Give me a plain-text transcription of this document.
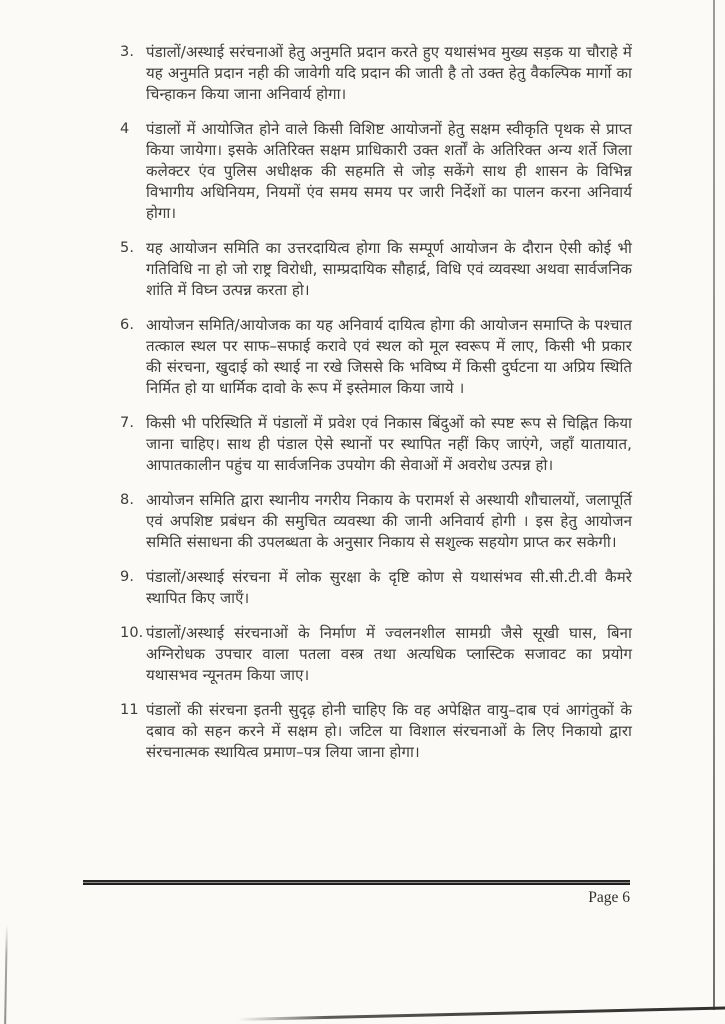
3. पंडालों/अस्थाई सरंचनाओं हेतु अनुमति प्रदान करते हुए यथासंभव मुख्य सड़क या चौराहे में यह अनुमति प्रदान नही की जावेगी यदि प्रदान की जाती है तो उक्त हेतु वैकल्पिक मार्गो का चिन्हाकन किया जाना अनिवार्य होगा।
4	पंडालों में आयोजित होने वाले किसी विशिष्ट आयोजनों हेतु सक्षम स्वीकृति पृथक से प्राप्त किया जायेगा। इसके अतिरिक्त सक्षम प्राधिकारी उक्त शर्तों के अतिरिक्त अन्य शर्ते जिला कलेक्टर एंव पुलिस अधीक्षक की सहमति से जोड़ सकेंगे साथ ही शासन के विभिन्न विभागीय अधिनियम, नियमों एंव समय समय पर जारी निर्देशों का पालन करना अनिवार्य होगा।
5. यह आयोजन समिति का उत्तरदायित्व होगा कि सम्पूर्ण आयोजन के दौरान ऐसी कोई भी गतिविधि ना हो जो राष्ट्र विरोधी, साम्प्रदायिक सौहार्द्र, विधि एवं व्यवस्था अथवा सार्वजनिक शांति में विघ्न उत्पन्न करता हो।
6. आयोजन समिति/आयोजक का यह अनिवार्य दायित्व होगा की आयोजन समाप्ति के पश्चात तत्काल स्थल पर साफ–सफाई करावे एवं स्थल को मूल स्वरूप में लाए, किसी भी प्रकार की संरचना, खुदाई को स्थाई ना रखे जिससे कि भविष्य में किसी दुर्घटना या अप्रिय स्थिति निर्मित हो या धार्मिक दावो के रूप में इस्तेमाल किया जाये ।
7. किसी भी परिस्थिति में पंडालों में प्रवेश एवं निकास बिंदुओं को स्पष्ट रूप से चिह्नित किया जाना चाहिए। साथ ही पंडाल ऐसे स्थानों पर स्थापित नहीं किए जाएंगे, जहाँ यातायात, आपातकालीन पहुंच या सार्वजनिक उपयोग की सेवाओं में अवरोध उत्पन्न हो।
8. आयोजन समिति द्वारा स्थानीय नगरीय निकाय के परामर्श से अस्थायी शौचालयों, जलापूर्ति एवं अपशिष्ट प्रबंधन की समुचित व्यवस्था की जानी अनिवार्य होगी । इस हेतु आयोजन समिति संसाधना की उपलब्धता के अनुसार निकाय से सशुल्क सहयोग प्राप्त कर सकेगी।
9. पंडालों/अस्थाई संरचना में लोक सुरक्षा के दृष्टि कोण से यथासंभव सी.सी.टी.वी कैमरे स्थापित किए जाएँ।
10. पंडालों/अस्थाई संरचनाओं के निर्माण में ज्वलनशील सामग्री जैसे सूखी घास, बिना अग्निरोधक उपचार वाला पतला वस्त्र तथा अत्यधिक प्लास्टिक सजावट का प्रयोग यथासभव न्यूनतम किया जाए।
11 पंडालों की संरचना इतनी सुदृढ़ होनी चाहिए कि वह अपेक्षित वायु–दाब एवं आगंतुकों के दबाव को सहन करने में सक्षम हो। जटिल या विशाल संरचनाओं के लिए निकायो द्वारा संरचनात्मक स्थायित्व प्रमाण–पत्र लिया जाना होगा।
Page 6
